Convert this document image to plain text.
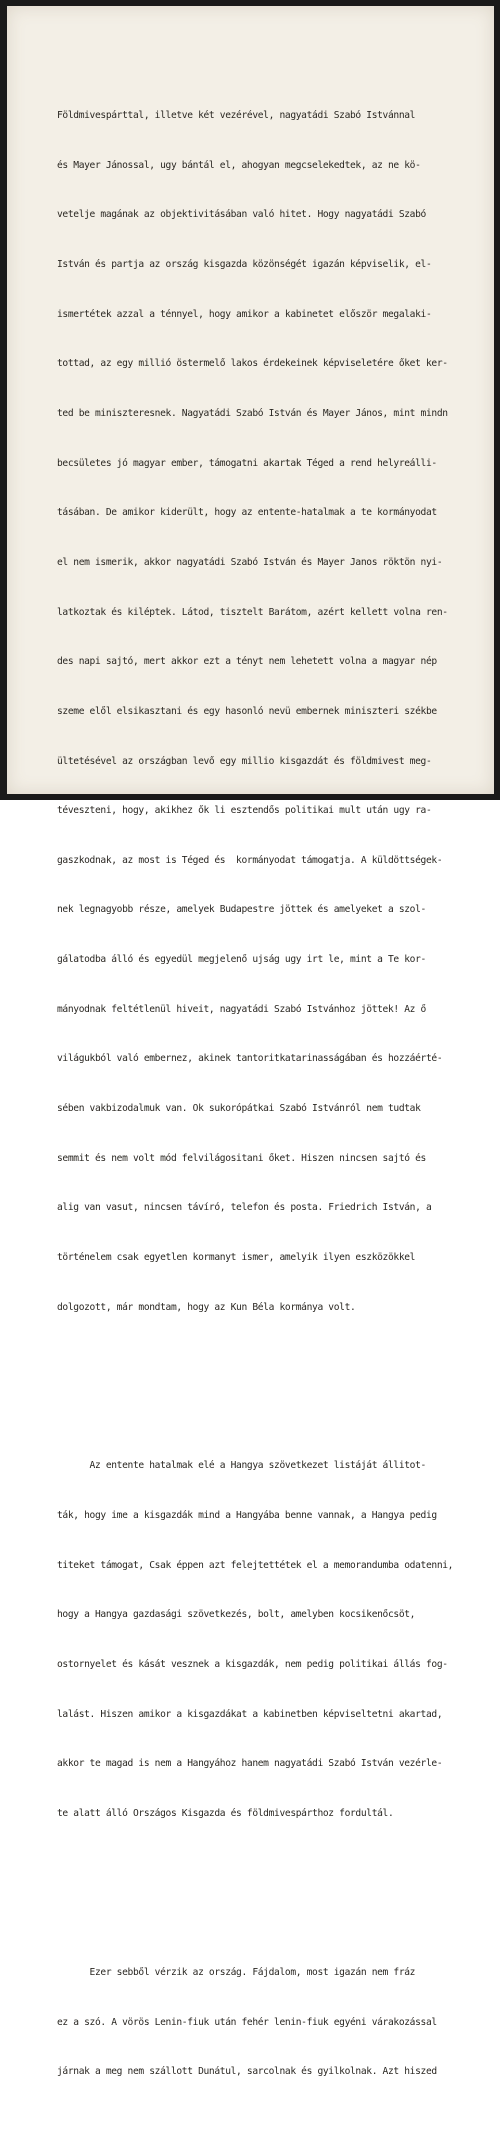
Földmivespárttal, illetve két vezérével, nagyatádi Szabó Istvánnal

és Mayer Jánossal, ugy bántál el, ahogyan megcselekedtek, az ne kö-

vetelje magának az objektivitásában való hitet. Hogy nagyatádi Szabó

István és partja az ország kisgazda közönségét igazán képviselik, el-

ismertétek azzal a ténnyel, hogy amikor a kabinetet először megalaki-

tottad, az egy millió östermelő lakos érdekeinek képviseletére őket ker-

ted be miniszteresnek. Nagyatádi Szabó István és Mayer János, mint mindn

becsületes jó magyar ember, támogatni akartak Téged a rend helyreálli-

tásában. De amikor kiderült, hogy az entente-hatalmak a te kormányodat

el nem ismerik, akkor nagyatádi Szabó István és Mayer Janos röktön nyi-

latkoztak és kiléptek. Látod, tisztelt Barátom, azért kellett volna ren-

des napi sajtó, mert akkor ezt a tényt nem lehetett volna a magyar nép

szeme elől elsikasztani és egy hasonló nevü embernek miniszteri székbe

ültetésével az országban levő egy millio kisgazdát és földmivest meg-

téveszteni, hogy, akikhez ők li esztendős politikai mult után ugy ra-

gaszkodnak, az most is Téged és  kormányodat támogatja. A küldöttségek-

nek legnagyobb része, amelyek Budapestre jöttek és amelyeket a szol-

gálatodba álló és egyedül megjelenő ujság ugy irt le, mint a Te kor-

mányodnak feltétlenül hiveit, nagyatádi Szabó Istvánhoz jöttek! Az ő

világukból való embernez, akinek tantoritkatarinasságában és hozzáérté-

sében vakbizodalmuk van. Ok sukorópátkai Szabó Istvánról nem tudtak

semmit és nem volt mód felvilágositani őket. Hiszen nincsen sajtó és

alig van vasut, nincsen távíró, telefon és posta. Friedrich István, a

történelem csak egyetlen kormanyt ismer, amelyik ilyen eszközökkel

dolgozott, már mondtam, hogy az Kun Béla kormánya volt.

Az entente hatalmak elé a Hangya szövetkezet listáját állitot-

ták, hogy ime a kisgazdák mind a Hangyába benne vannak, a Hangya pedig

titeket támogat, Csak éppen azt felejtettétek el a memorandumba odatenni,

hogy a Hangya gazdasági szövetkezés, bolt, amelyben kocsikenőcsöt,

ostornyelet és kását vesznek a kisgazdák, nem pedig politikai állás fog-

lalást. Hiszen amikor a kisgazdákat a kabinetben képviseltetni akartad,

akkor te magad is nem a Hangyához hanem nagyatádi Szabó István vezérle-

te alatt álló Országos Kisgazda és földmivespárthoz fordultál.

Ezer sebből vérzik az ország. Fájdalom, most igazán nem fráz

ez a szó. A vörös Lenin-fiuk után fehér lenin-fiuk egyéni várakozással

járnak a meg nem szállott Dunátul, sarcolnak és gyilkolnak. Azt hiszed
